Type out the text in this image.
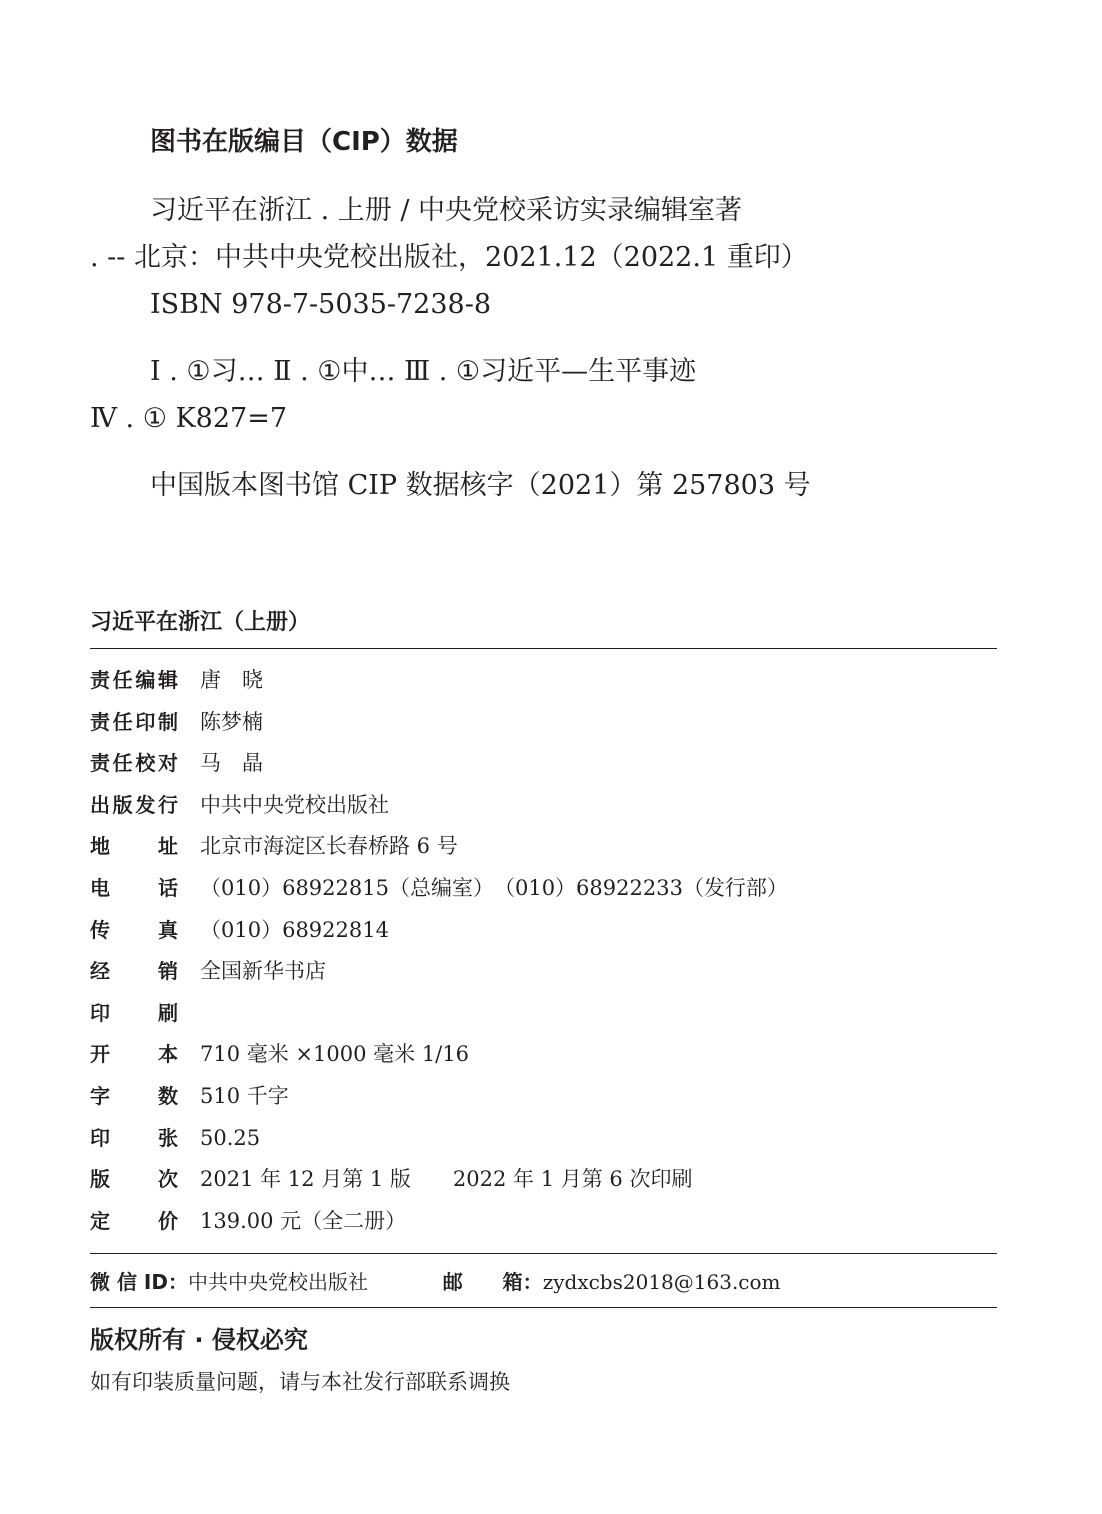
图书在版编目（CIP）数据
习近平在浙江 . 上册 / 中央党校采访实录编辑室著
. -- 北京：中共中央党校出版社，2021.12（2022.1 重印）
ISBN 978-7-5035-7238-8
Ⅰ . ①习… Ⅱ . ①中… Ⅲ . ①习近平—生平事迹
Ⅳ . ① K827=7
中国版本图书馆 CIP 数据核字（2021）第 257803 号
习近平在浙江（上册）
责 任 编 辑 唐　晓
责 任 印 制 陈梦楠
责 任 校 对 马　晶
出 版 发 行 中共中央党校出版社
地 址 北京市海淀区长春桥路 6 号
电 话 （010）68922815（总编室）　（010）68922233（发行部）
传 真 （010）68922814
经 销 全国新华书店
印 刷
开 本 710 毫米 ×1000 毫米 1/16
字 数 510 千字
印 张 50.25
版 次 2021 年 12 月第 1 版　　2022 年 1 月第 6 次印刷
定 价 139.00 元（全二册）
微 信 ID：中共中央党校出版社	邮　　箱：zydxcbs2018@163.com
版权所有 · 侵权必究
如有印装质量问题，请与本社发行部联系调换
